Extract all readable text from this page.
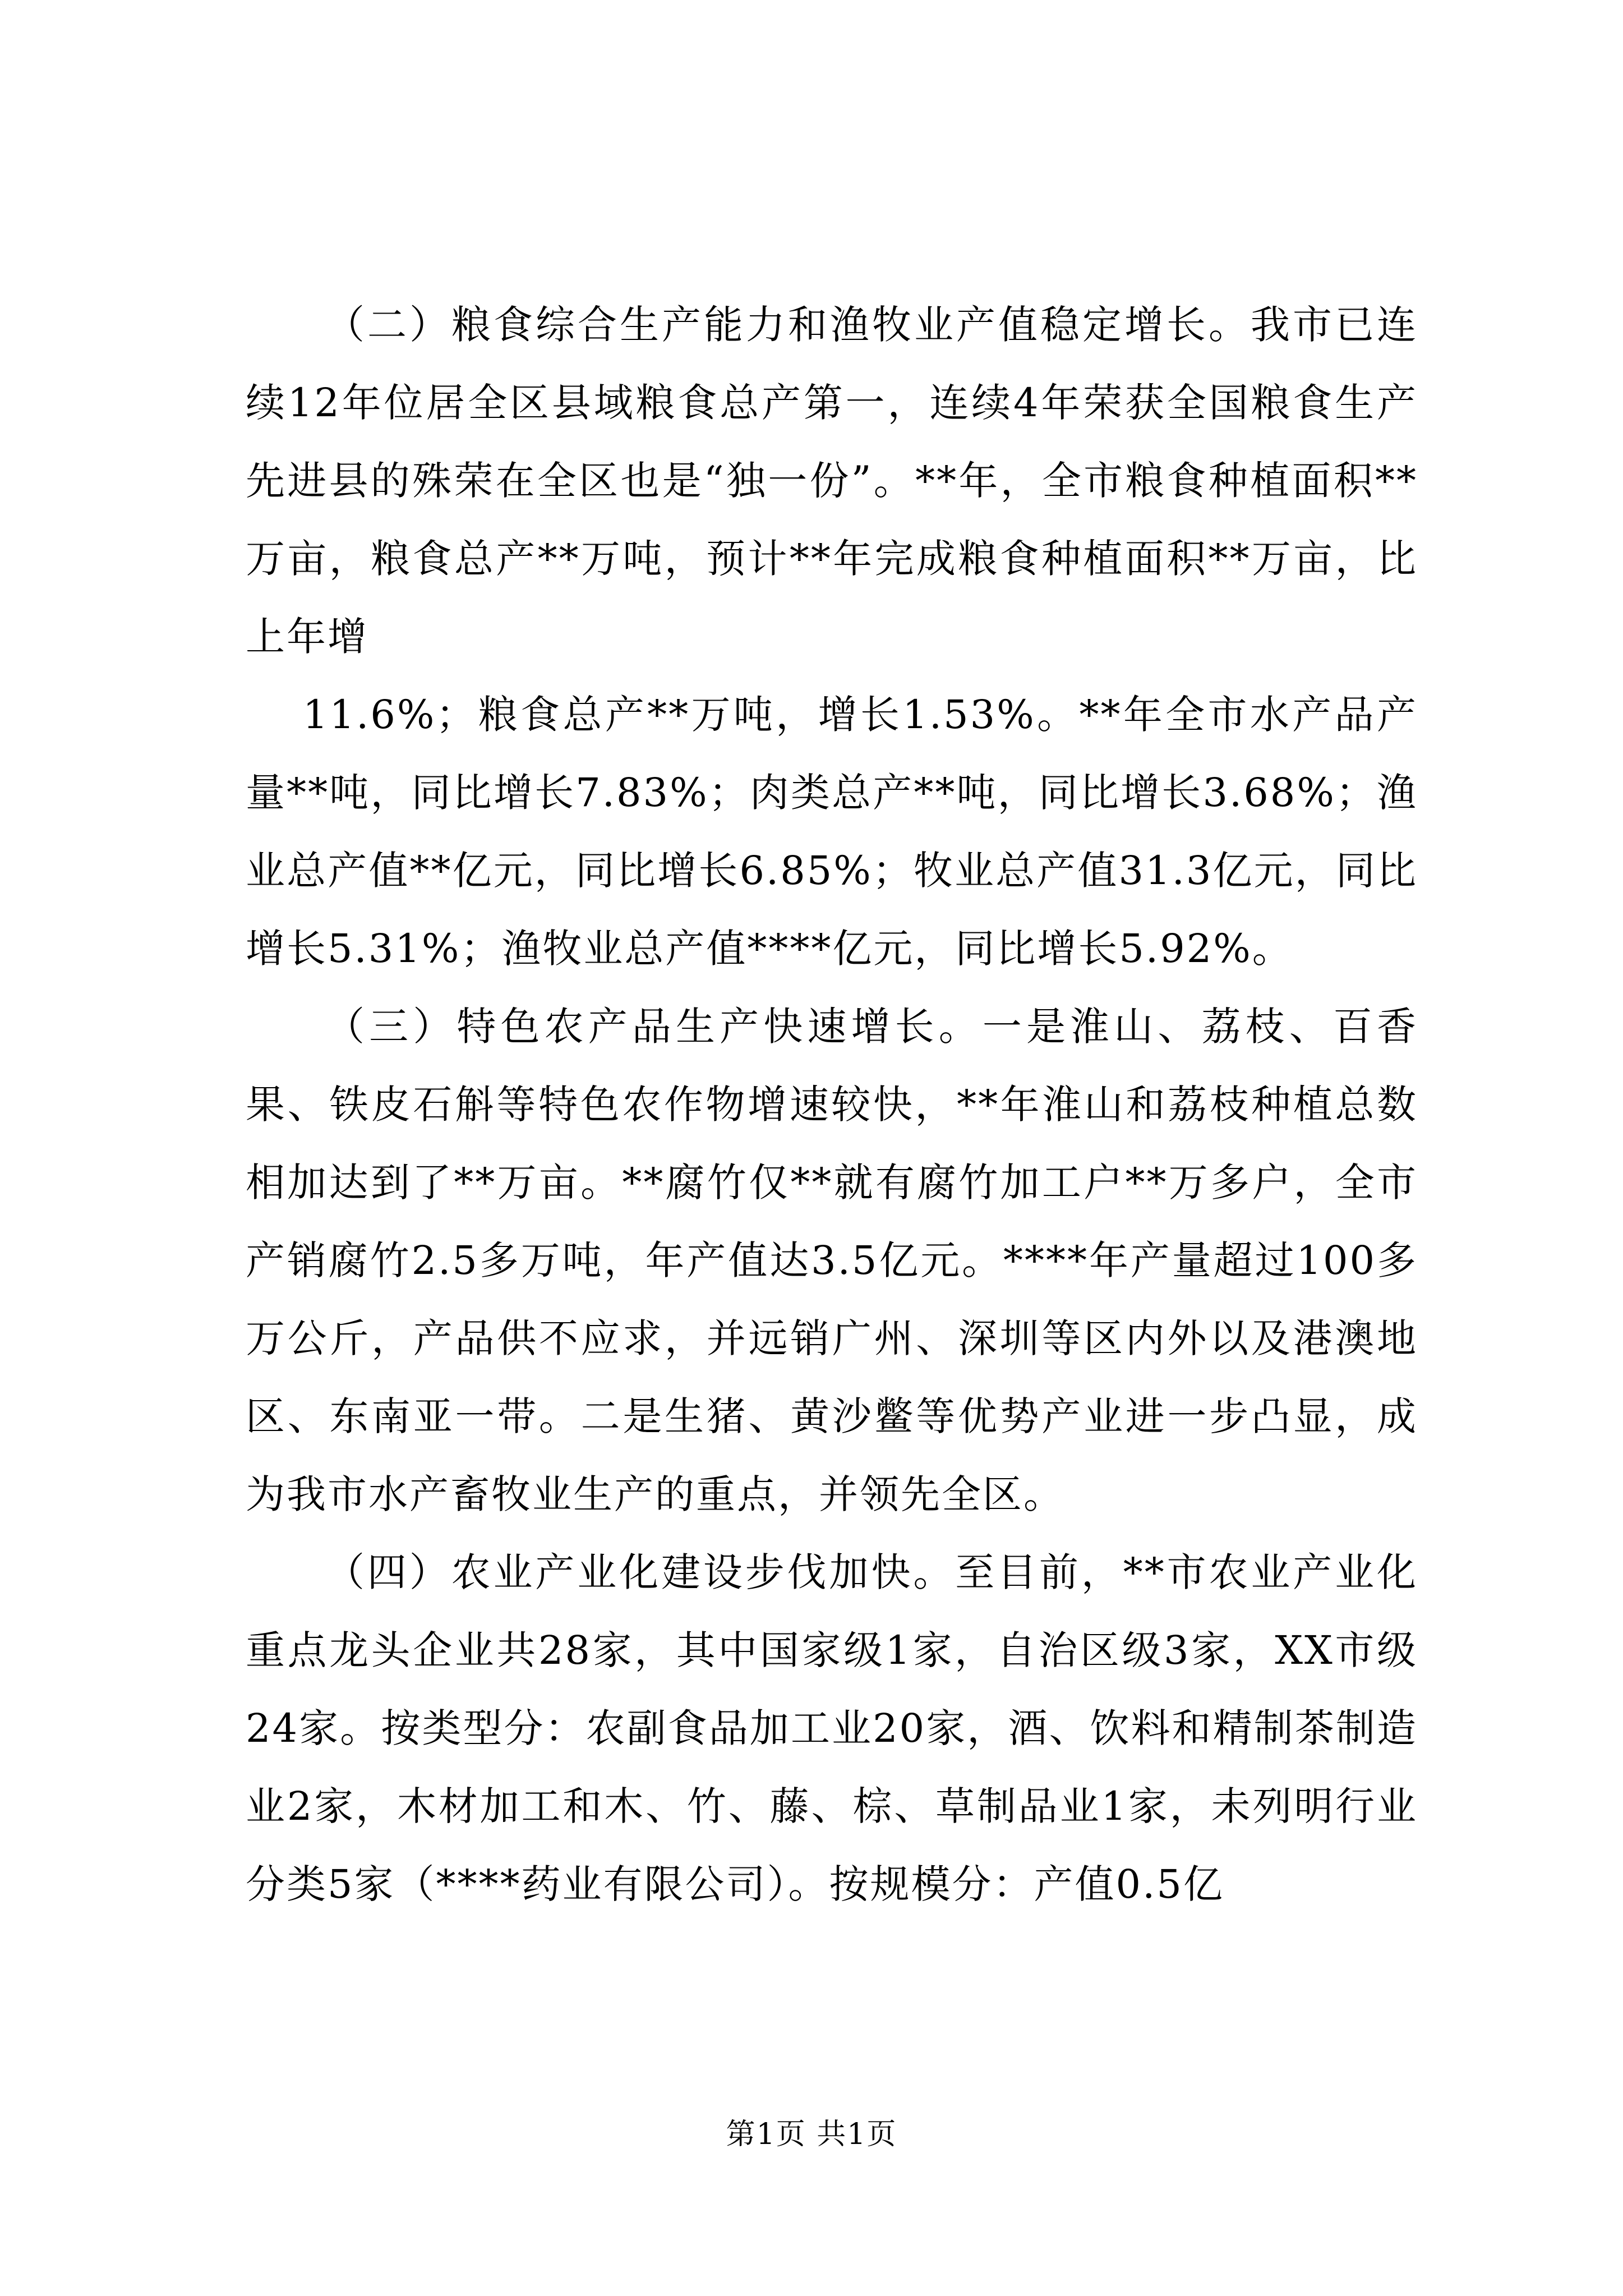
（二）粮食综合生产能力和渔牧业产值稳定增长。我市已连续12年位居全区县域粮食总产第一，连续4年荣获全国粮食生产先进县的殊荣在全区也是“独一份”。**年，全市粮食种植面积**万亩，粮食总产**万吨，预计**年完成粮食种植面积**万亩，比上年增

11.6%；粮食总产**万吨，增长1.53%。**年全市水产品产量**吨，同比增长7.83%；肉类总产**吨，同比增长3.68%；渔业总产值**亿元，同比增长6.85%；牧业总产值31.3亿元，同比增长5.31%；渔牧业总产值****亿元，同比增长5.92%。

（三）特色农产品生产快速增长。一是淮山、荔枝、百香果、铁皮石斛等特色农作物增速较快，**年淮山和荔枝种植总数相加达到了**万亩。**腐竹仅**就有腐竹加工户**万多户，全市产销腐竹2.5多万吨，年产值达3.5亿元。****年产量超过100多万公斤，产品供不应求，并远销广州、深圳等区内外以及港澳地区、东南亚一带。二是生猪、黄沙鳖等优势产业进一步凸显，成为我市水产畜牧业生产的重点，并领先全区。

（四）农业产业化建设步伐加快。至目前，**市农业产业化重点龙头企业共28家，其中国家级1家，自治区级3家，XX市级24家。按类型分：农副食品加工业20家，酒、饮料和精制茶制造业2家，木材加工和木、竹、藤、棕、草制品业1家，未列明行业分类5家（****药业有限公司）。按规模分：产值0.5亿

第1页 共1页
